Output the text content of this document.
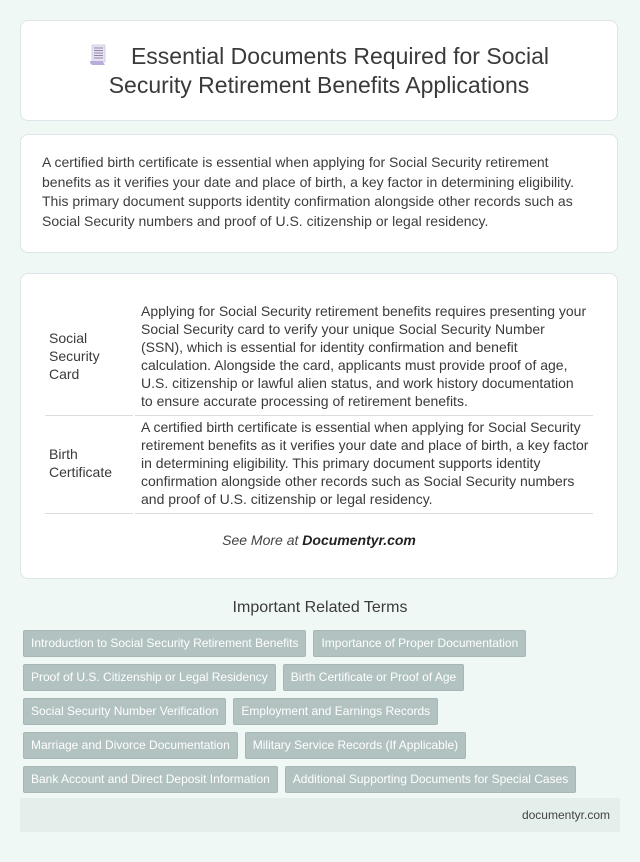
Essential Documents Required for Social Security Retirement Benefits Applications

A certified birth certificate is essential when applying for Social Security retirement benefits as it verifies your date and place of birth, a key factor in determining eligibility. This primary document supports identity confirmation alongside other records such as Social Security numbers and proof of U.S. citizenship or legal residency.

Social Security Card	Applying for Social Security retirement benefits requires presenting your Social Security card to verify your unique Social Security Number (SSN), which is essential for identity confirmation and benefit calculation. Alongside the card, applicants must provide proof of age, U.S. citizenship or lawful alien status, and work history documentation to ensure accurate processing of retirement benefits.
Birth Certificate	A certified birth certificate is essential when applying for Social Security retirement benefits as it verifies your date and place of birth, a key factor in determining eligibility. This primary document supports identity confirmation alongside other records such as Social Security numbers and proof of U.S. citizenship or legal residency.
See More at Documentyr.com
Important Related Terms
Introduction to Social Security Retirement Benefits	Importance of Proper Documentation
Proof of U.S. Citizenship or Legal Residency	Birth Certificate or Proof of Age
Social Security Number Verification	Employment and Earnings Records
Marriage and Divorce Documentation	Military Service Records (If Applicable)
Bank Account and Direct Deposit Information	Additional Supporting Documents for Special Cases
documentyr.com
